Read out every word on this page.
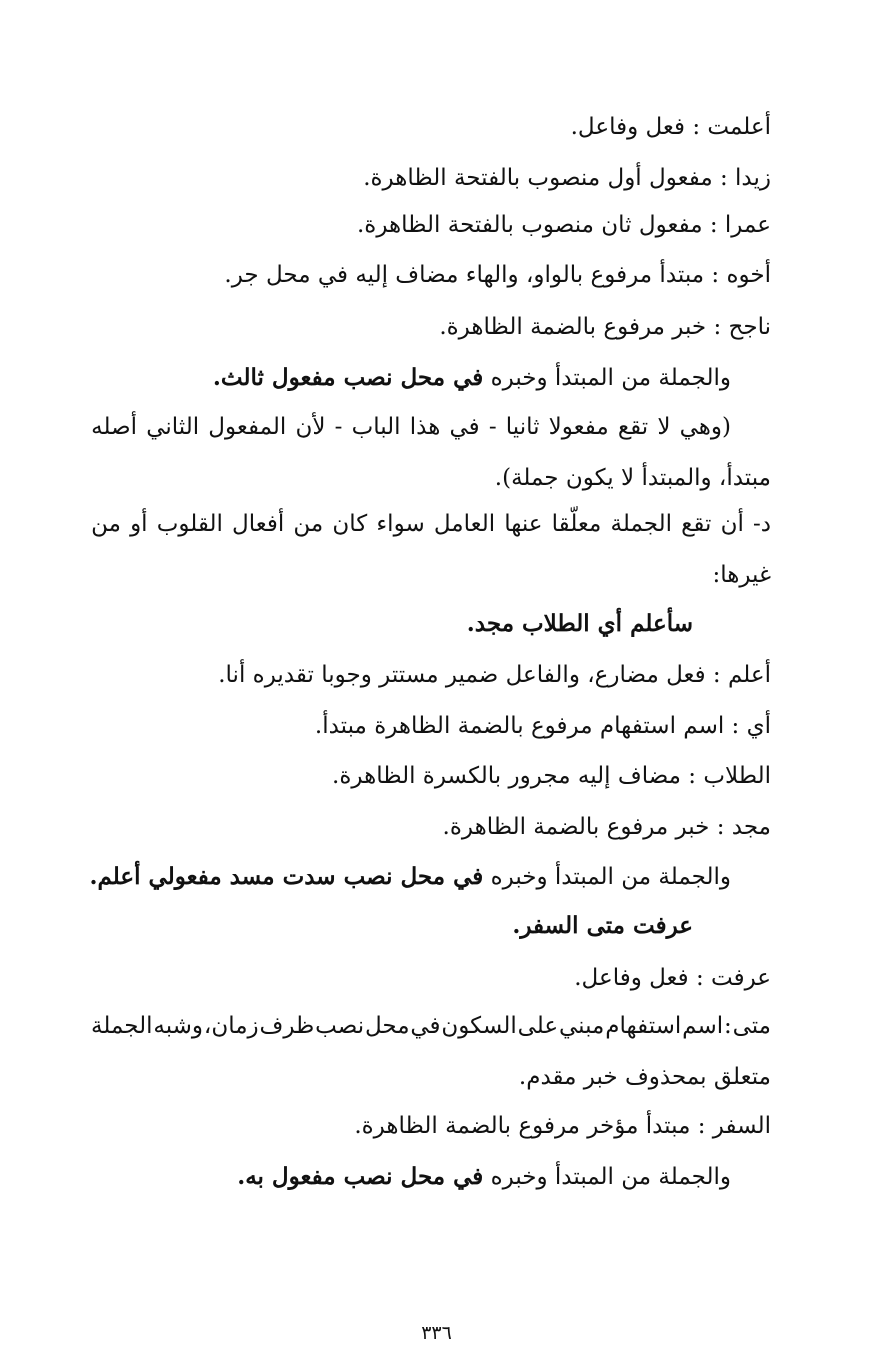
أعلمت : فعل وفاعل.
زيدا : مفعول أول منصوب بالفتحة الظاهرة.
عمرا : مفعول ثان منصوب بالفتحة الظاهرة.
أخوه : مبتدأ مرفوع بالواو، والهاء مضاف إليه في محل جر.
ناجح : خبر مرفوع بالضمة الظاهرة.
والجملة من المبتدأ وخبره في محل نصب مفعول ثالث.
(وهي
لا
تقع
مفعولا
ثانيا
-
في
هذا
الباب
-
لأن
المفعول
الثاني
أصله
مبتدأ، والمبتدأ لا يكون جملة).
د-
أن
تقع
الجملة
معلّقا
عنها
العامل
سواء
كان
من
أفعال
القلوب
أو
من
غيرها:
سأعلم أي الطلاب مجد.
أعلم : فعل مضارع، والفاعل ضمير مستتر وجوبا تقديره أنا.
أي : اسم استفهام مرفوع بالضمة الظاهرة مبتدأ.
الطلاب : مضاف إليه مجرور بالكسرة الظاهرة.
مجد : خبر مرفوع بالضمة الظاهرة.
والجملة من المبتدأ وخبره في محل نصب سدت مسد مفعولي أعلم.
عرفت متى السفر.
عرفت : فعل وفاعل.
متى
:
اسم
استفهام
مبني
على
السكون
في
محل
نصب
ظرف
زمان،
وشبه
الجملة
متعلق بمحذوف خبر مقدم.
السفر : مبتدأ مؤخر مرفوع بالضمة الظاهرة.
والجملة من المبتدأ وخبره في محل نصب مفعول به.
٣٣٦
